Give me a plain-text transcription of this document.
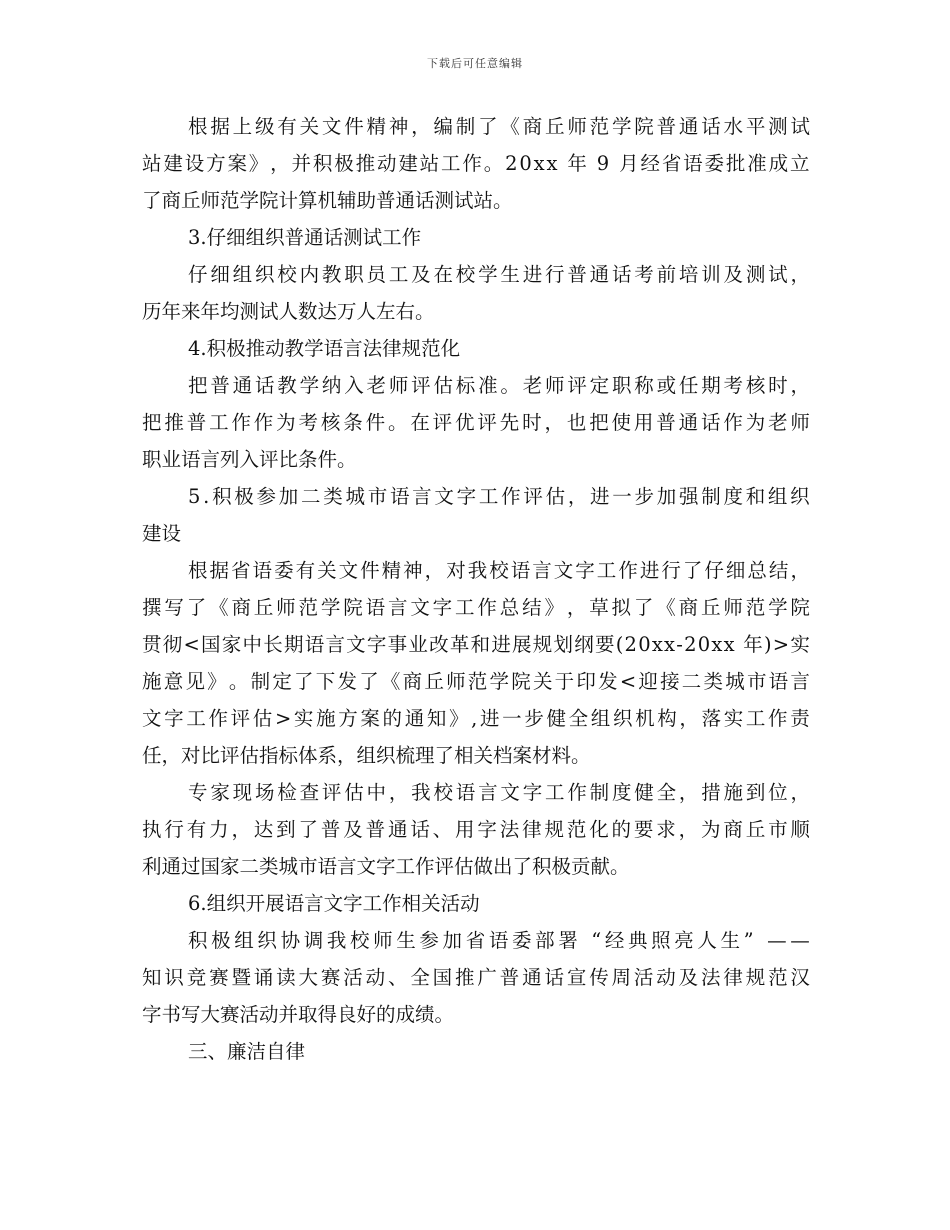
下载后可任意编辑
根 据 上 级 有 关 文 件 精 神 ， 编 制 了 《 商 丘 师 范 学 院 普 通 话 水 平 测 试
站 建 设 方 案 》 ， 并 积 极 推 动 建 站 工 作 。 2 0 x x
年
9
月 经 省 语 委 批 准 成 立
了商丘师范学院计算机辅助普通话测试站。
3.仔细组织普通话测试工作
仔 细 组 织 校 内 教 职 员 工 及 在 校 学 生 进 行 普 通 话 考 前 培 训 及 测 试 ，
历年来年均测试人数达万人左右。
4.积极推动教学语言法律规范化
把 普 通 话 教 学 纳 入 老 师 评 估 标 准 。 老 师 评 定 职 称 或 任 期 考 核 时 ，
把 推 普 工 作 作 为 考 核 条 件 。 在 评 优 评 先 时 ， 也 把 使 用 普 通 话 作 为 老 师
职业语言列入评比条件。
5 . 积 极 参 加 二 类 城 市 语 言 文 字 工 作 评 估 ， 进 一 步 加 强 制 度 和 组 织
建设
根 据 省 语 委 有 关 文 件 精 神 ， 对 我 校 语 言 文 字 工 作 进 行 了 仔 细 总 结 ，
撰 写 了 《 商 丘 师 范 学 院 语 言 文 字 工 作 总 结 》 ， 草 拟 了 《 商 丘 师 范 学 院
贯 彻 < 国 家 中 长 期 语 言 文 字 事 业 改 革 和 进 展 规 划 纲 要 ( 2 0 x x - 2 0 x x
年 ) > 实
施 意 见 》 。 制 定 了 下 发 了 《 商 丘 师 范 学 院 关 于 印 发 < 迎 接 二 类 城 市 语 言
文 字 工 作 评 估 > 实 施 方 案 的 通 知 》 , 进 一 步 健 全 组 织 机 构 ， 落 实 工 作 责
任，对比评估指标体系，组织梳理了相关档案材料。
专 家 现 场 检 查 评 估 中 ， 我 校 语 言 文 字 工 作 制 度 健 全 ， 措 施 到 位 ，
执 行 有 力 ， 达 到 了 普 及 普 通 话 、 用 字 法 律 规 范 化 的 要 求 ， 为 商 丘 市 顺
利通过国家二类城市语言文字工作评估做出了积极贡献。
6.组织开展语言文字工作相关活动
积 极 组 织 协 调 我 校 师 生 参 加 省 语 委 部 署
“ 经 典 照 亮 人 生 ”
— —
知 识 竞 赛 暨 诵 读 大 赛 活 动 、 全 国 推 广 普 通 话 宣 传 周 活 动 及 法 律 规 范 汉
字书写大赛活动并取得良好的成绩。
三、廉洁自律
